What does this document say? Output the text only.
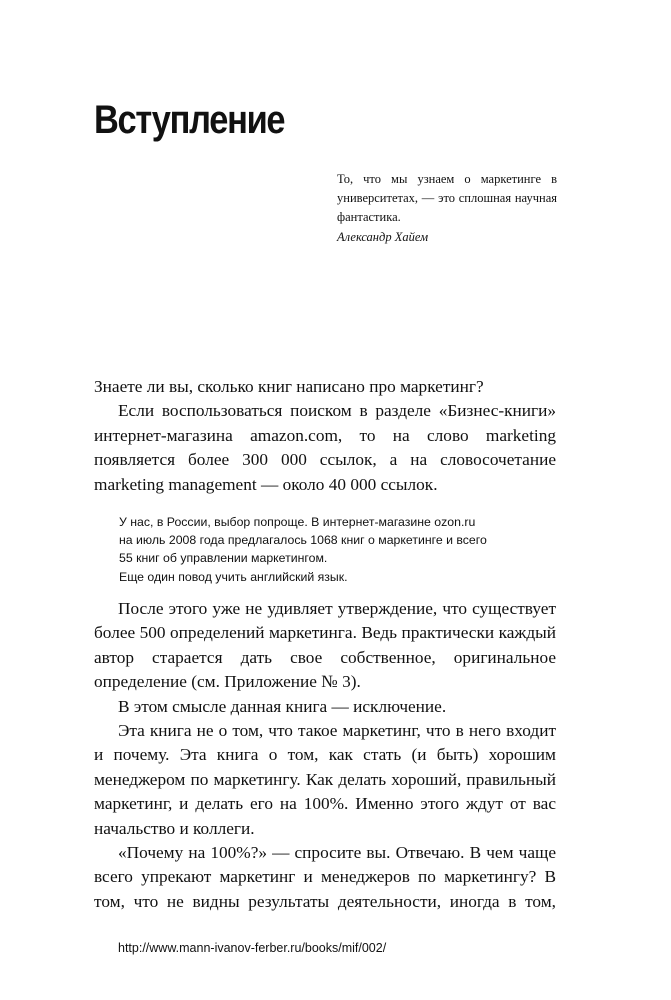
Вступление

То, что мы узнаем о маркетинге в университетах, — это сплошная научная фантастика.

Александр Хайем

Знаете ли вы, сколько книг написано про маркетинг?

Если воспользоваться поиском в разделе «Бизнес-книги» интернет-магазина amazon.com, то на слово marketing появляется более 300 000 ссылок, а на словосочетание marketing management — около 40 000 ссылок.

У нас, в России, выбор попроще. В интернет-магазине ozon.ru

на июль 2008 года предлагалось 1068 книг о маркетинге и всего

55 книг об управлении маркетингом.

Еще один повод учить английский язык.

После этого уже не удивляет утверждение, что существует более 500 определений маркетинга. Ведь практически каждый автор старается дать свое собственное, оригинальное определение (см. Приложение № 3).

В этом смысле данная книга — исключение.

Эта книга не о том, что такое маркетинг, что в него входит и почему. Эта книга о том, как стать (и быть) хорошим менеджером по маркетингу. Как делать хороший, правильный маркетинг, и делать его на 100%. Именно этого ждут от вас начальство и коллеги.

«Почему на 100%?» — спросите вы. Отвечаю. В чем чаще всего упрекают маркетинг и менеджеров по маркетингу? В том, что не видны результаты деятельности, иногда в том,

http://www.mann-ivanov-ferber.ru/books/mif/002/
